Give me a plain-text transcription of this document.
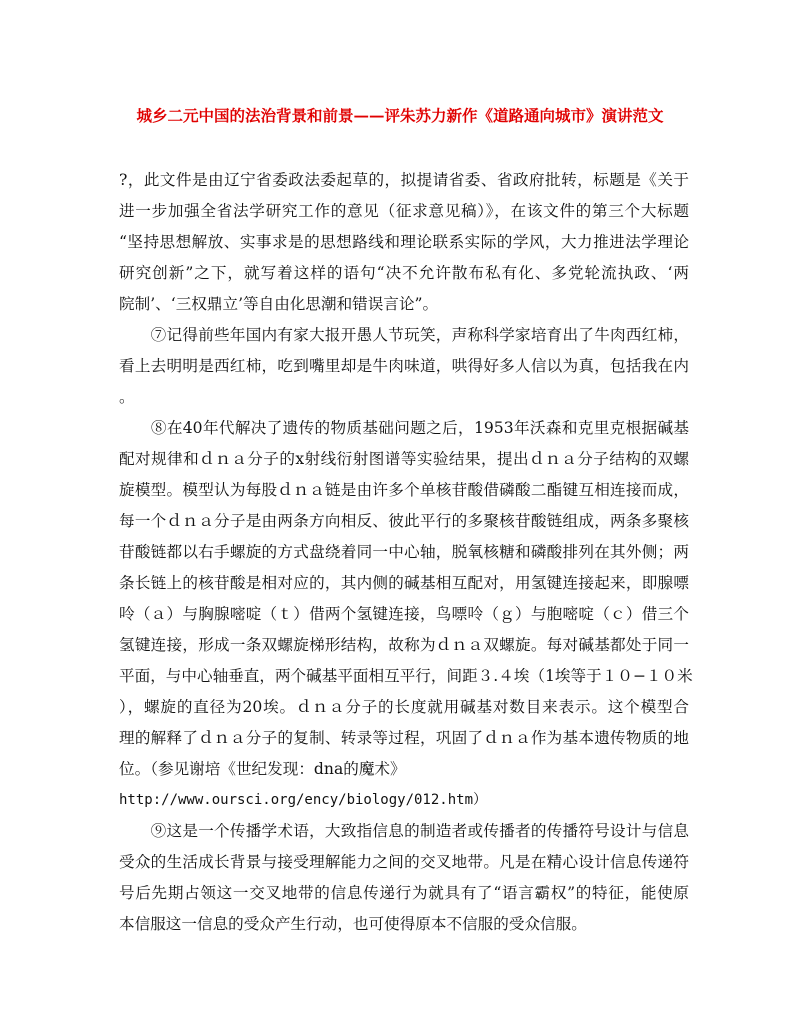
城乡二元中国的法治背景和前景——评朱苏力新作《道路通向城市》演讲范文
?，此文件是由辽宁省委政法委起草的，拟提请省委、省政府批转，标题是《关于
进一步加强全省法学研究工作的意见（征求意见稿）》，在该文件的第三个大标题
“坚持思想解放、实事求是的思想路线和理论联系实际的学风，大力推进法学理论
研究创新”之下，就写着这样的语句“决不允许散布私有化、多党轮流执政、‘两
院制’、‘三权鼎立’等自由化思潮和错误言论”。
　　⑦记得前些年国内有家大报开愚人节玩笑，声称科学家培育出了牛肉西红柿，
看上去明明是西红柿，吃到嘴里却是牛肉味道，哄得好多人信以为真，包括我在内
。
　　⑧在40年代解决了遗传的物质基础问题之后，1953年沃森和克里克根据碱基
配对规律和ｄｎａ分子的x射线衍射图谱等实验结果，提出ｄｎａ分子结构的双螺
旋模型。模型认为每股ｄｎａ链是由许多个单核苷酸借磷酸二酯键互相连接而成，
每一个ｄｎａ分子是由两条方向相反、彼此平行的多聚核苷酸链组成，两条多聚核
苷酸链都以右手螺旋的方式盘绕着同一中心轴，脱氧核糖和磷酸排列在其外侧；两
条长链上的核苷酸是相对应的，其内侧的碱基相互配对，用氢键连接起来，即腺嘌
呤（ａ）与胸腺嘧啶（ｔ）借两个氢键连接，鸟嘌呤（ｇ）与胞嘧啶（ｃ）借三个
氢键连接，形成一条双螺旋梯形结构，故称为ｄｎａ双螺旋。每对碱基都处于同一
平面，与中心轴垂直，两个碱基平面相互平行，间距３.４埃（1埃等于１０−１０米
），螺旋的直径为20埃。ｄｎａ分子的长度就用碱基对数目来表示。这个模型合
理的解释了ｄｎａ分子的复制、转录等过程，巩固了ｄｎａ作为基本遗传物质的地
位。（参见谢培《世纪发现：dna的魔术》
http://www.oursci.org/ency/biology/012.htm）
　　⑨这是一个传播学术语，大致指信息的制造者或传播者的传播符号设计与信息
受众的生活成长背景与接受理解能力之间的交叉地带。凡是在精心设计信息传递符
号后先期占领这一交叉地带的信息传递行为就具有了“语言霸权”的特征，能使原
本信服这一信息的受众产生行动，也可使得原本不信服的受众信服。
